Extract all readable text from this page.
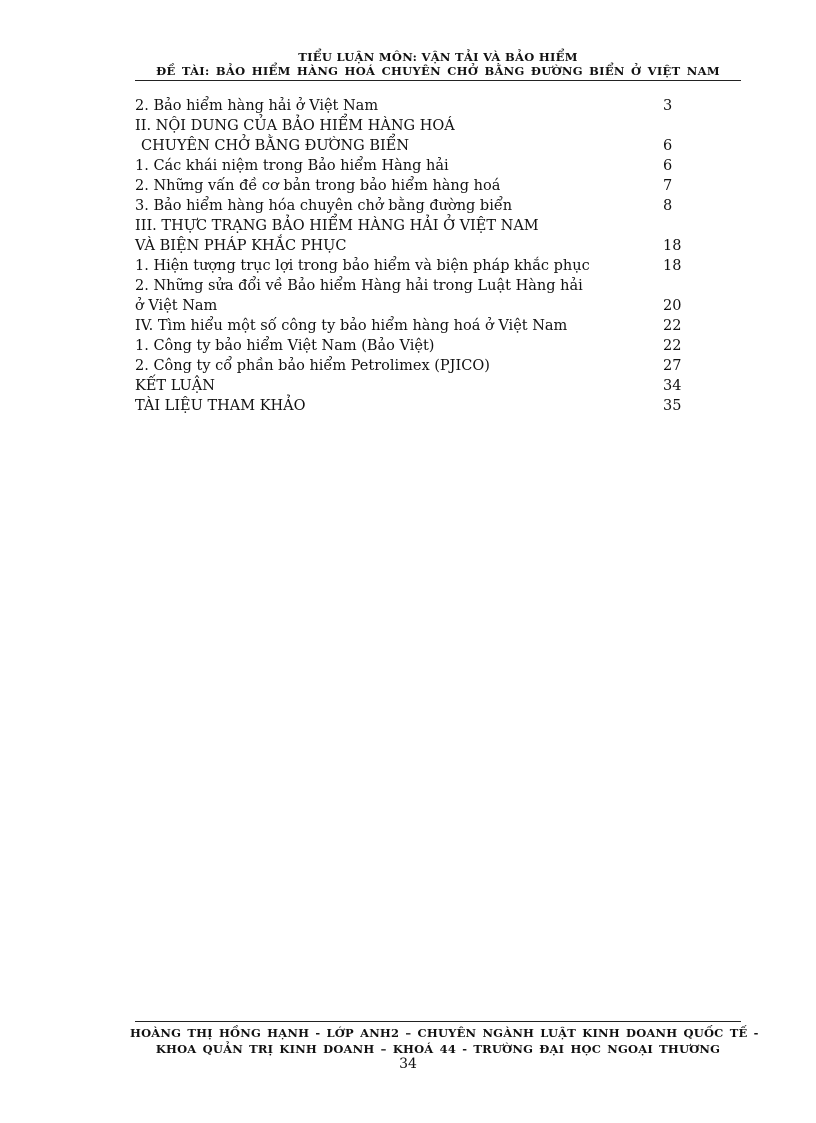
TIỂU LUẬN MÔN: VẬN TẢI VÀ BẢO HIỂM
ĐỀ TÀI: BẢO HIỂM HÀNG HOÁ CHUYÊN CHỞ BẰNG ĐƯỜNG BIỂN Ở VIỆT NAM
2. Bảo hiểm hàng hải ở Việt Nam	3
II. NỘI DUNG CỦA BẢO HIỂM HÀNG HOÁ
CHUYÊN CHỞ BẰNG ĐƯỜNG BIỂN	6
1. Các khái niệm trong Bảo hiểm Hàng hải	6
2. Những vấn đề cơ bản trong bảo hiểm hàng hoá	7
3. Bảo hiểm hàng hóa chuyên chở bằng đường biển	8
III. THỰC TRẠNG BẢO HIỂM HÀNG HẢI Ở VIỆT NAM
VÀ BIỆN PHÁP KHẮC PHỤC	18
1. Hiện tượng trục lợi trong bảo hiểm và biện pháp khắc phục	18
2. Những sửa đổi về Bảo hiểm Hàng hải trong Luật Hàng hải
ở Việt Nam	20
IV. Tìm hiểu một số công ty bảo hiểm hàng hoá ở Việt Nam	22
1. Công ty bảo hiểm Việt Nam (Bảo Việt)	22
2. Công ty cổ phần bảo hiểm Petrolimex (PJICO)	27
KẾT LUẬN	34
TÀI LIỆU THAM KHẢO	35
HOÀNG THỊ HỒNG HẠNH - LỚP ANH2 – CHUYÊN NGÀNH LUẬT KINH DOANH QUỐC TẾ -
KHOA QUẢN TRỊ KINH DOANH – KHOÁ 44 - TRƯỜNG ĐẠI HỌC NGOẠI THƯƠNG
34
